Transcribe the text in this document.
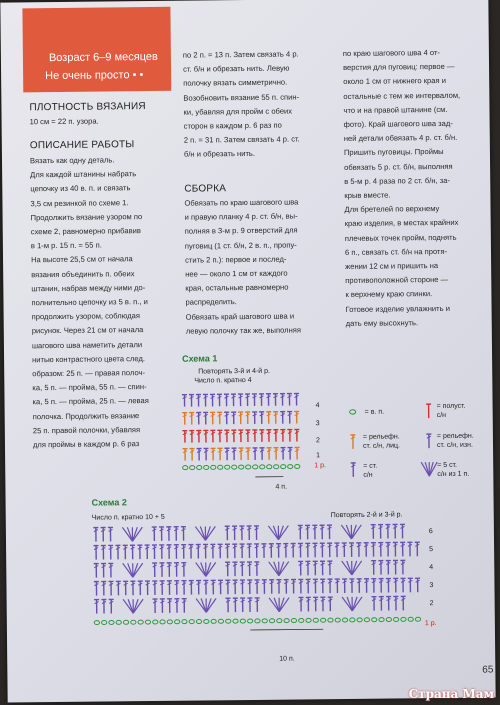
Возраст 6–9 месяцев
Не очень просто • •
ПЛОТНОСТЬ ВЯЗАНИЯ

10 см = 22 п. узора.

ОПИСАНИЕ РАБОТЫ

Вязать как одну деталь.

Для каждой штанины набрать

цепочку из 40 в. п. и связать

3,5 см резинкой по схеме 1.

Продолжить вязание узором по

схеме 2, равномерно прибавив

в 1-м р. 15 п. = 55 п.

На высоте 25,5 см от начала

вязания объединить п. обеих

штанин, набрав между ними до-

полнительно цепочку из 5 в. п., и

продолжить узором, соблюдая

рисунок. Через 21 см от начала

шагового шва наметить детали

нитью контрастного цвета след.

образом: 25 п. — правая полоч-

ка, 5 п. — пройма, 55 п. — спин-

ка, 5 п. — пройма, 25 п. — левая

полочка. Продолжить вязание

25 п. правой полочки, убавляя

для проймы в каждом р. 6 раз

по 2 п. = 13 п. Затем связать 4 р.

ст. б/н и обрезать нить. Левую

полочку вязать симметрично.

Возобновить вязание 55 п. спин-

ки, убавляя для пройм с обеих

сторон в каждом р. 6 раз по

2 п. = 31 п. Затем связать 4 р. ст.

б/н и обрезать нить.

СБОРКА

Обвязать по краю шагового шва

и правую планку 4 р. ст. б/н, вы-

полняя в 3-м р. 9 отверстий для

пуговиц (1 ст. б/н, 2 в. п., пропу-

стить 2 п.): первое и послед-

нее — около 1 см от каждого

края, остальные равномерно

распределить.

Обвязать край шагового шва и

левую полочку так же, выполняя

по краю шагового шва 4 от-

верстия для пуговиц: первое —

около 1 см от нижнего края и

остальные с тем же интервалом,

что и на правой штанине (см.

фото). Край шагового шва зад-

ней детали обвязать 4 р. ст. б/н.

Пришить пуговицы. Проймы

обвязать 5 р. ст. б/н, выполняя

в 5-м р. 4 раза по 2 ст. б/н, за-

крыв вместе.

Для бретелей по верхнему

краю изделия, в местах крайних

плечевых точек пройм, поднять

6 п., связать ст. б/н на протя-

жении 12 см и пришить на

противоположной стороне —

к верхнему краю спинки.

Готовое изделие увлажнить и

дать ему высохнуть.

Схема 1
Повторять 3-й и 4-й р.
Число п. кратно 4
4
3
2
1
1 р.
4 п.
= в. п.
= полуст.
с/н
= рельефн.
ст. с/н, лиц.
= рельефн.
ст. с/н, изн.
= ст.
с/н
= 5 ст.
с/н из 1 п.
Схема 2
Число п. кратно 10 + 5	Повторять 2-й и 3-й р.
6
5
4
3
2
1 р.
10 п.
65
Страна Мам
